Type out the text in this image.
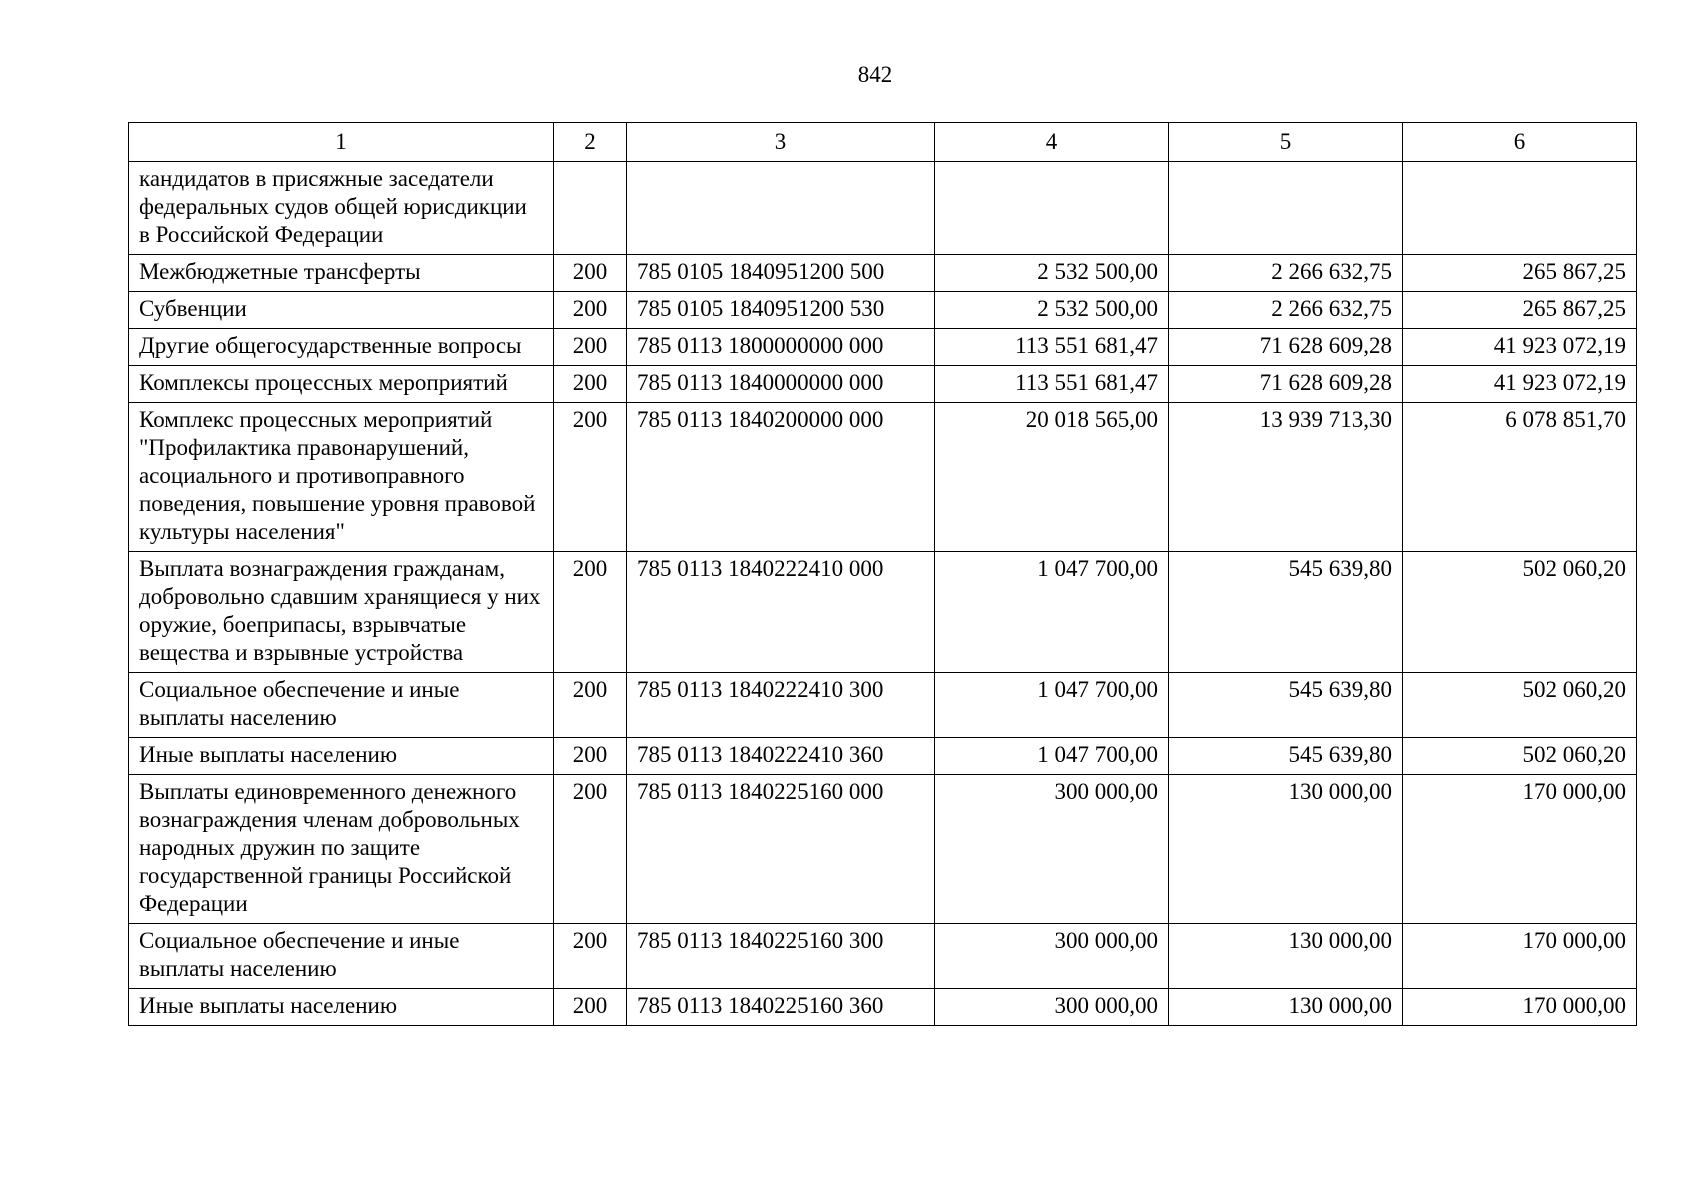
842
1	2	3	4	5	6
кандидатов в присяжные заседатели федеральных судов общей юрисдикции в Российской Федерации					
Межбюджетные трансферты	200	785 0105 1840951200 500	2 532 500,00	2 266 632,75	265 867,25
Субвенции	200	785 0105 1840951200 530	2 532 500,00	2 266 632,75	265 867,25
Другие общегосударственные вопросы	200	785 0113 1800000000 000	113 551 681,47	71 628 609,28	41 923 072,19
Комплексы процессных мероприятий	200	785 0113 1840000000 000	113 551 681,47	71 628 609,28	41 923 072,19
Комплекс процессных мероприятий "Профилактика правонарушений, асоциального и противоправного поведения, повышение уровня правовой культуры населения"	200	785 0113 1840200000 000	20 018 565,00	13 939 713,30	6 078 851,70
Выплата вознаграждения гражданам, добровольно сдавшим хранящиеся у них оружие, боеприпасы, взрывчатые вещества и взрывные устройства	200	785 0113 1840222410 000	1 047 700,00	545 639,80	502 060,20
Социальное обеспечение и иные выплаты населению	200	785 0113 1840222410 300	1 047 700,00	545 639,80	502 060,20
Иные выплаты населению	200	785 0113 1840222410 360	1 047 700,00	545 639,80	502 060,20
Выплаты единовременного денежного вознаграждения членам добровольных народных дружин по защите государственной границы Российской Федерации	200	785 0113 1840225160 000	300 000,00	130 000,00	170 000,00
Социальное обеспечение и иные выплаты населению	200	785 0113 1840225160 300	300 000,00	130 000,00	170 000,00
Иные выплаты населению	200	785 0113 1840225160 360	300 000,00	130 000,00	170 000,00
